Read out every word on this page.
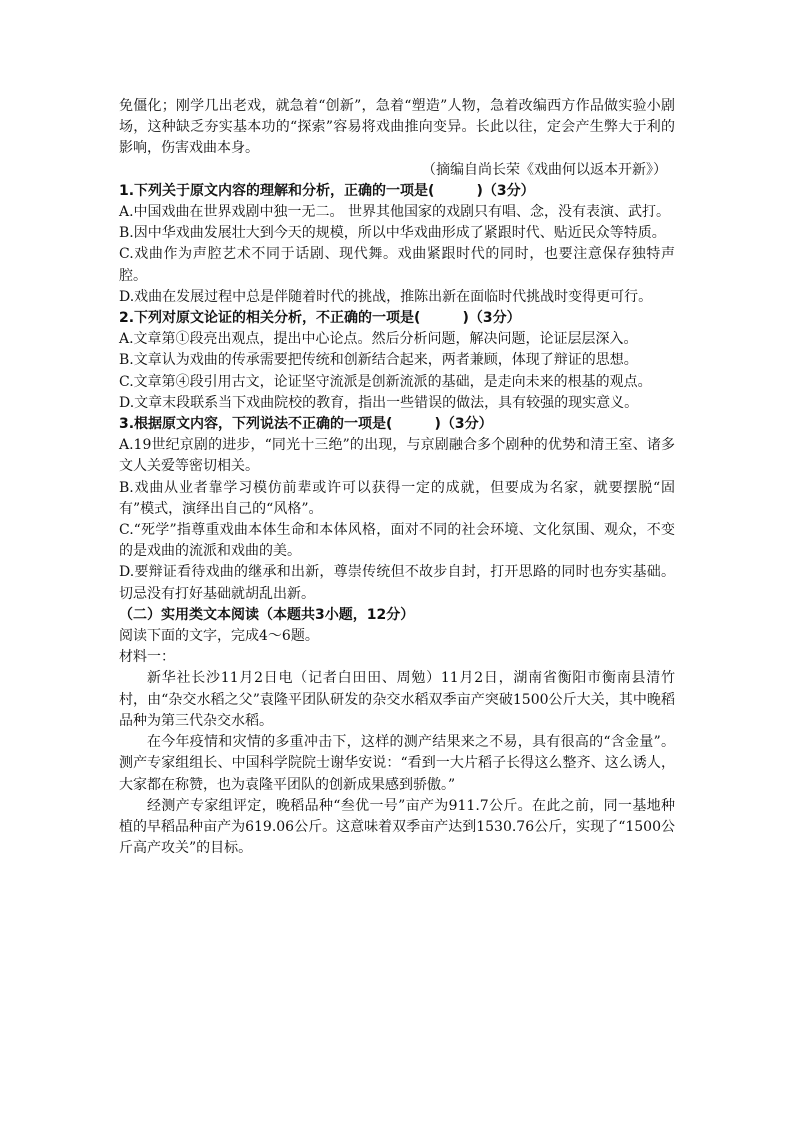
免僵化；刚学几出老戏，就急着“创新”，急着“塑造”人物，急着改编西方作品做实验小剧场，这种缺乏夯实基本功的“探索”容易将戏曲推向变异。长此以往，定会产生弊大于利的影响，伤害戏曲本身。

（摘编自尚长荣《戏曲何以返本开新》）

1.下列关于原文内容的理解和分析，正确的一项是(　　　)（3分）

A.中国戏曲在世界戏剧中独一无二。 世界其他国家的戏剧只有唱、念，没有表演、武打。

B.因中华戏曲发展壮大到今天的规模，所以中华戏曲形成了紧跟时代、贴近民众等特质。

C.戏曲作为声腔艺术不同于话剧、现代舞。戏曲紧跟时代的同时，也要注意保存独特声腔。

D.戏曲在发展过程中总是伴随着时代的挑战，推陈出新在面临时代挑战时变得更可行。

2.下列对原文论证的相关分析，不正确的一项是(　　　)（3分）

A.文章第①段亮出观点，提出中心论点。然后分析问题，解决问题，论证层层深入。

B.文章认为戏曲的传承需要把传统和创新结合起来，两者兼顾，体现了辩证的思想。

C.文章第④段引用古文，论证坚守流派是创新流派的基础，是走向未来的根基的观点。

D.文章末段联系当下戏曲院校的教育，指出一些错误的做法，具有较强的现实意义。

3.根据原文内容，下列说法不正确的一项是(　　　)（3分）

A.19世纪京剧的进步，“同光十三绝”的出现，与京剧融合多个剧种的优势和清王室、诸多文人关爱等密切相关。

B.戏曲从业者靠学习模仿前辈或许可以获得一定的成就，但要成为名家，就要摆脱“固有”模式，演绎出自己的“风格”。

C.“死学”指尊重戏曲本体生命和本体风格，面对不同的社会环境、文化氛围、观众，不变的是戏曲的流派和戏曲的美。

D.要辩证看待戏曲的继承和出新，尊崇传统但不故步自封，打开思路的同时也夯实基础。切忌没有打好基础就胡乱出新。

（二）实用类文本阅读（本题共3小题，12分）

阅读下面的文字，完成4～6题。

材料一：

新华社长沙11月2日电（记者白田田、周勉）11月2日，湖南省衡阳市衡南县清竹村，由“杂交水稻之父”袁隆平团队研发的杂交水稻双季亩产突破1500公斤大关，其中晚稻品种为第三代杂交水稻。

在今年疫情和灾情的多重冲击下，这样的测产结果来之不易，具有很高的“含金量”。测产专家组组长、中国科学院院士谢华安说：“看到一大片稻子长得这么整齐、这么诱人，大家都在称赞，也为袁隆平团队的创新成果感到骄傲。”

经测产专家组评定，晚稻品种“叁优一号”亩产为911.7公斤。在此之前，同一基地种植的早稻品种亩产为619.06公斤。这意味着双季亩产达到1530.76公斤，实现了“1500公斤高产攻关”的目标。
